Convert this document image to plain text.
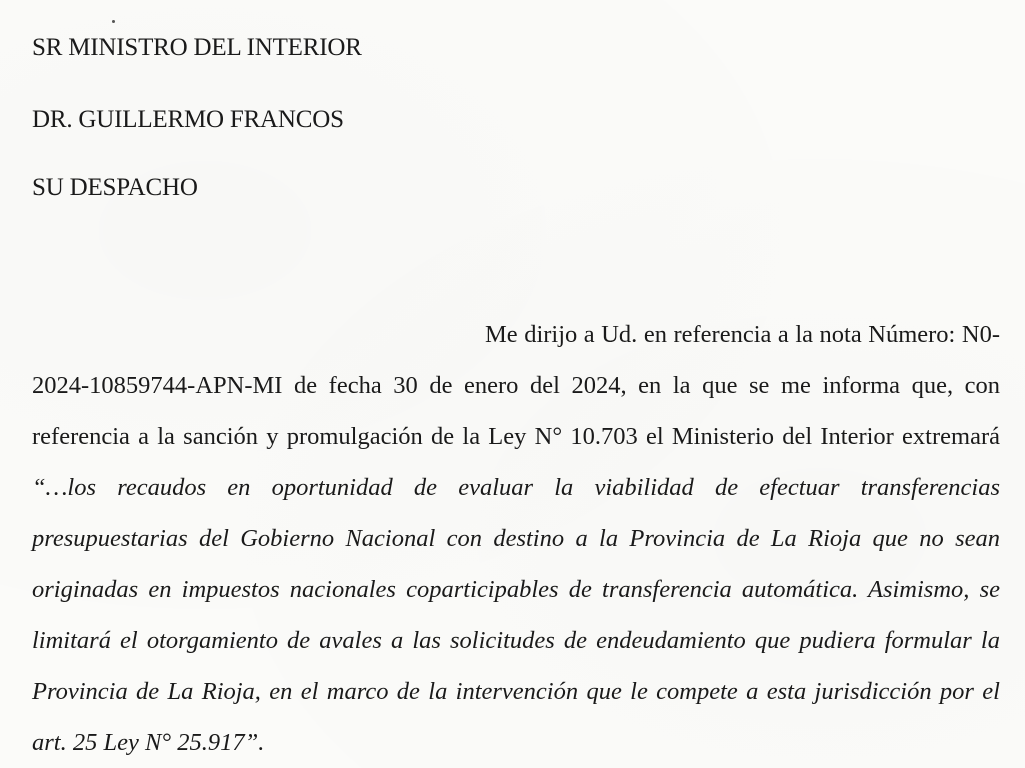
SR MINISTRO DEL INTERIOR
DR. GUILLERMO FRANCOS
SU DESPACHO

Me dirijo a Ud. en referencia a la nota Número: N0-2024-10859744-APN-MI de fecha 30 de enero del 2024, en la que se me informa que, con referencia a la sanción y promulgación de la Ley N° 10.703 el Ministerio del Interior extremará “…los recaudos en oportunidad de evaluar la viabilidad de efectuar transferencias presupuestarias del Gobierno Nacional con destino a la Provincia de La Rioja que no sean originadas en impuestos nacionales coparticipables de transferencia automática. Asimismo, se limitará el otorgamiento de avales a las solicitudes de endeudamiento que pudiera formular la Provincia de La Rioja, en el marco de la intervención que le compete a esta jurisdicción por el art. 25 Ley N° 25.917”.
